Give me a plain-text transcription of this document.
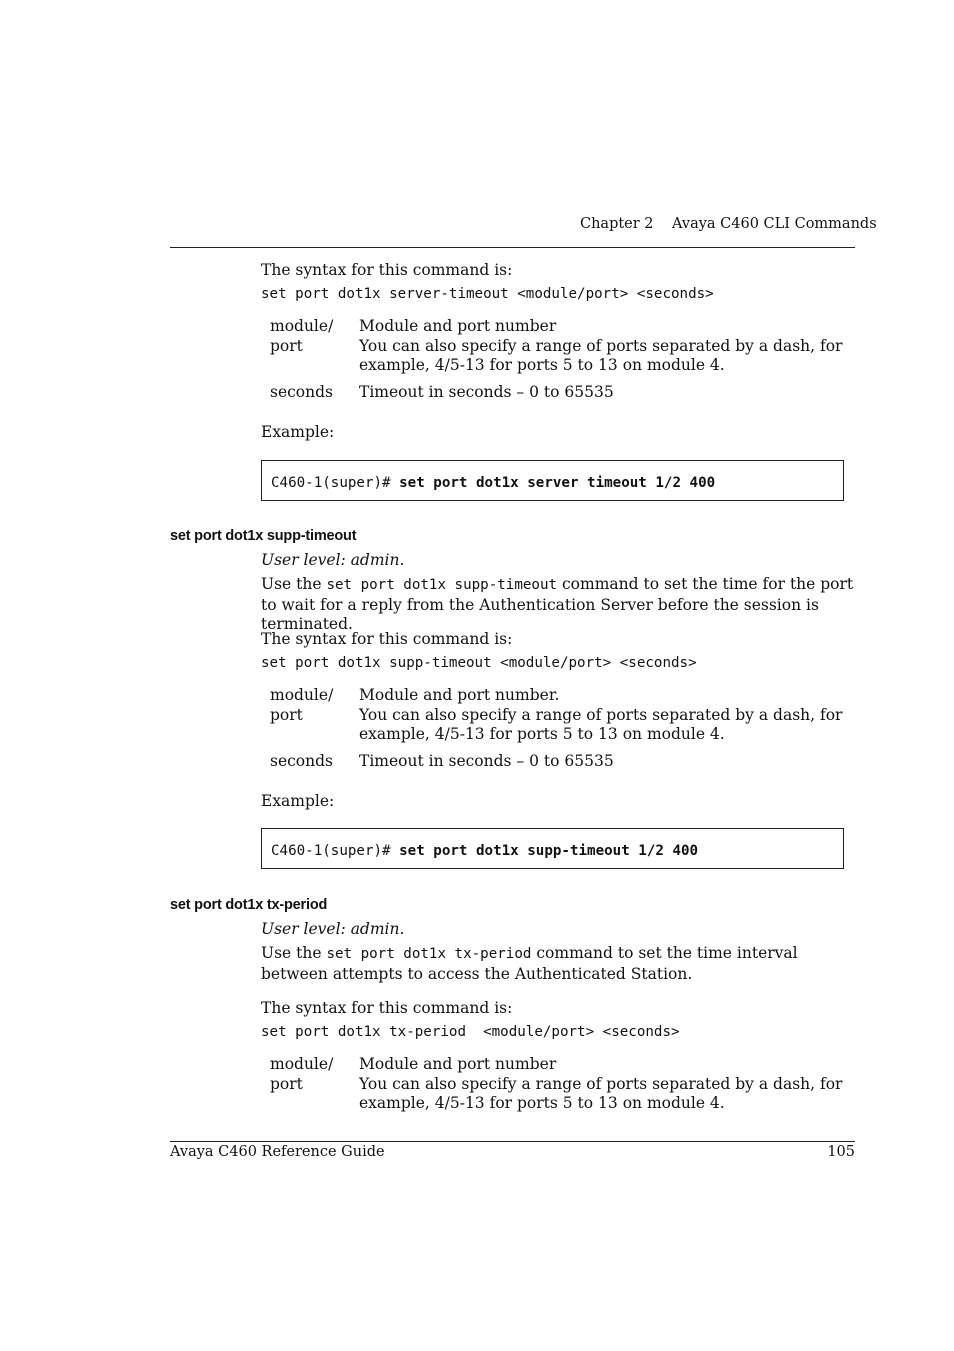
Chapter 2 Avaya C460 CLI Commands
The syntax for this command is:
set port dot1x server-timeout <module/port> <seconds>
module/
port
Module and port number
You can also specify a range of ports separated by a dash, for example, 4/5-13 for ports 5 to 13 on module 4.
seconds Timeout in seconds – 0 to 65535
Example:
C460-1(super)# set port dot1x server timeout 1/2 400
set port dot1x supp-timeout
User level: admin.
Use the set port dot1x supp-timeout command to set the time for the port to wait for a reply from the Authentication Server before the session is terminated.
The syntax for this command is:
set port dot1x supp-timeout <module/port> <seconds>
module/
port
Module and port number.
You can also specify a range of ports separated by a dash, for example, 4/5-13 for ports 5 to 13 on module 4.
seconds Timeout in seconds – 0 to 65535
Example:
C460-1(super)# set port dot1x supp-timeout 1/2 400
set port dot1x tx-period
User level: admin.
Use the set port dot1x tx-period command to set the time interval between attempts to access the Authenticated Station.
The syntax for this command is:
set port dot1x tx-period  <module/port> <seconds>
module/
port
Module and port number
You can also specify a range of ports separated by a dash, for example, 4/5-13 for ports 5 to 13 on module 4.
Avaya C460 Reference Guide	105
